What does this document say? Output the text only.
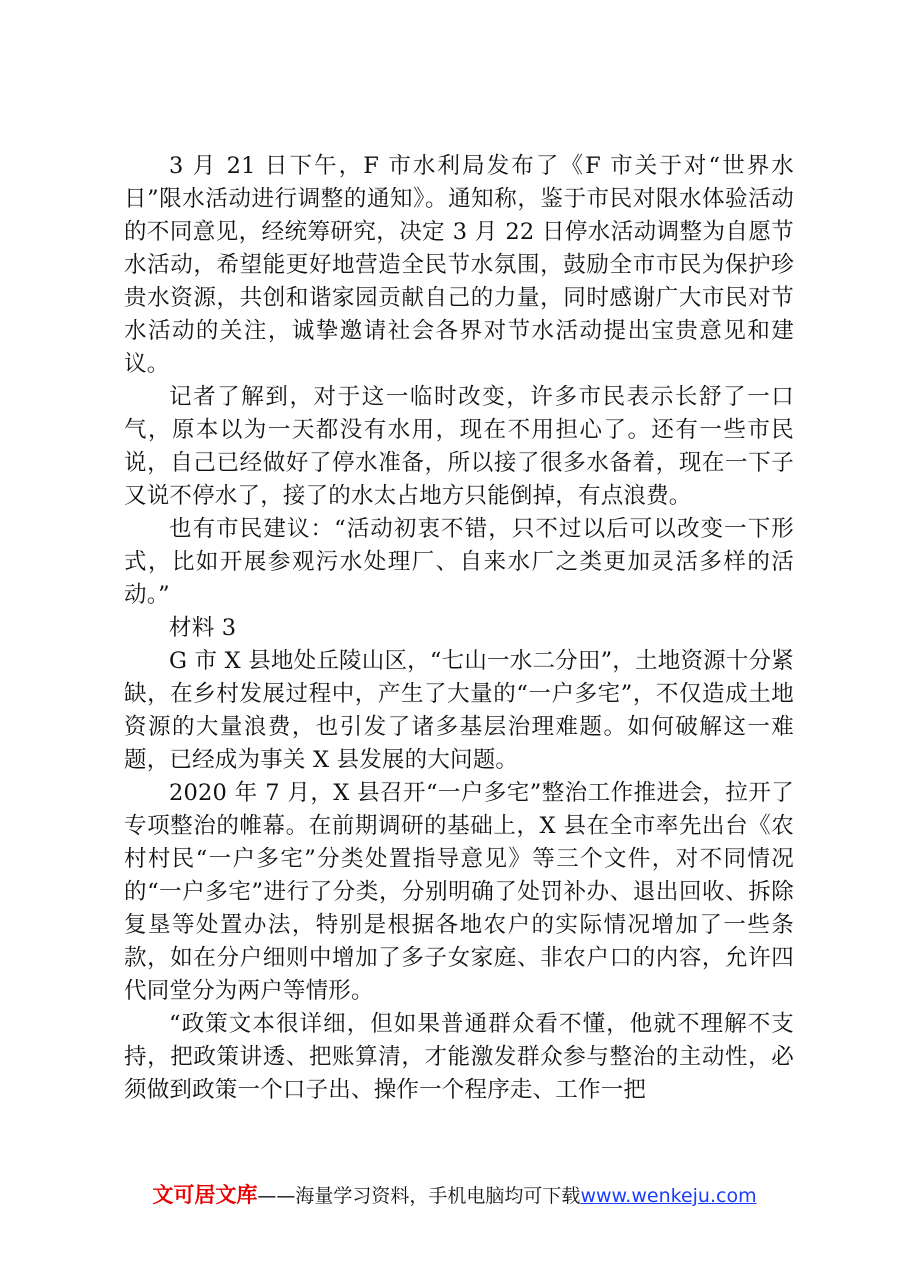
3 月 21 日下午，F 市水利局发布了《F 市关于对“世界水日”限水活动进行调整的通知》。通知称，鉴于市民对限水体验活动的不同意见，经统筹研究，决定 3 月 22 日停水活动调整为自愿节水活动，希望能更好地营造全民节水氛围，鼓励全市市民为保护珍贵水资源，共创和谐家园贡献自己的力量，同时感谢广大市民对节水活动的关注，诚挚邀请社会各界对节水活动提出宝贵意见和建议。

记者了解到，对于这一临时改变，许多市民表示长舒了一口气，原本以为一天都没有水用，现在不用担心了。还有一些市民说，自己已经做好了停水准备，所以接了很多水备着，现在一下子又说不停水了，接了的水太占地方只能倒掉，有点浪费。

也有市民建议：“活动初衷不错，只不过以后可以改变一下形式，比如开展参观污水处理厂、自来水厂之类更加灵活多样的活动。”

材料 3

G 市 X 县地处丘陵山区，“七山一水二分田”，土地资源十分紧缺，在乡村发展过程中，产生了大量的“一户多宅”，不仅造成土地资源的大量浪费，也引发了诸多基层治理难题。如何破解这一难题，已经成为事关 X 县发展的大问题。

2020 年 7 月，X 县召开“一户多宅”整治工作推进会，拉开了专项整治的帷幕。在前期调研的基础上，X 县在全市率先出台《农村村民“一户多宅”分类处置指导意见》等三个文件，对不同情况的“一户多宅”进行了分类，分别明确了处罚补办、退出回收、拆除复垦等处置办法，特别是根据各地农户的实际情况增加了一些条款，如在分户细则中增加了多子女家庭、非农户口的内容，允许四代同堂分为两户等情形。

“政策文本很详细，但如果普通群众看不懂，他就不理解不支持，把政策讲透、把账算清，才能激发群众参与整治的主动性，必须做到政策一个口子出、操作一个程序走、工作一把

文可居文库——海量学习资料，手机电脑均可下载www.wenkeju.com
